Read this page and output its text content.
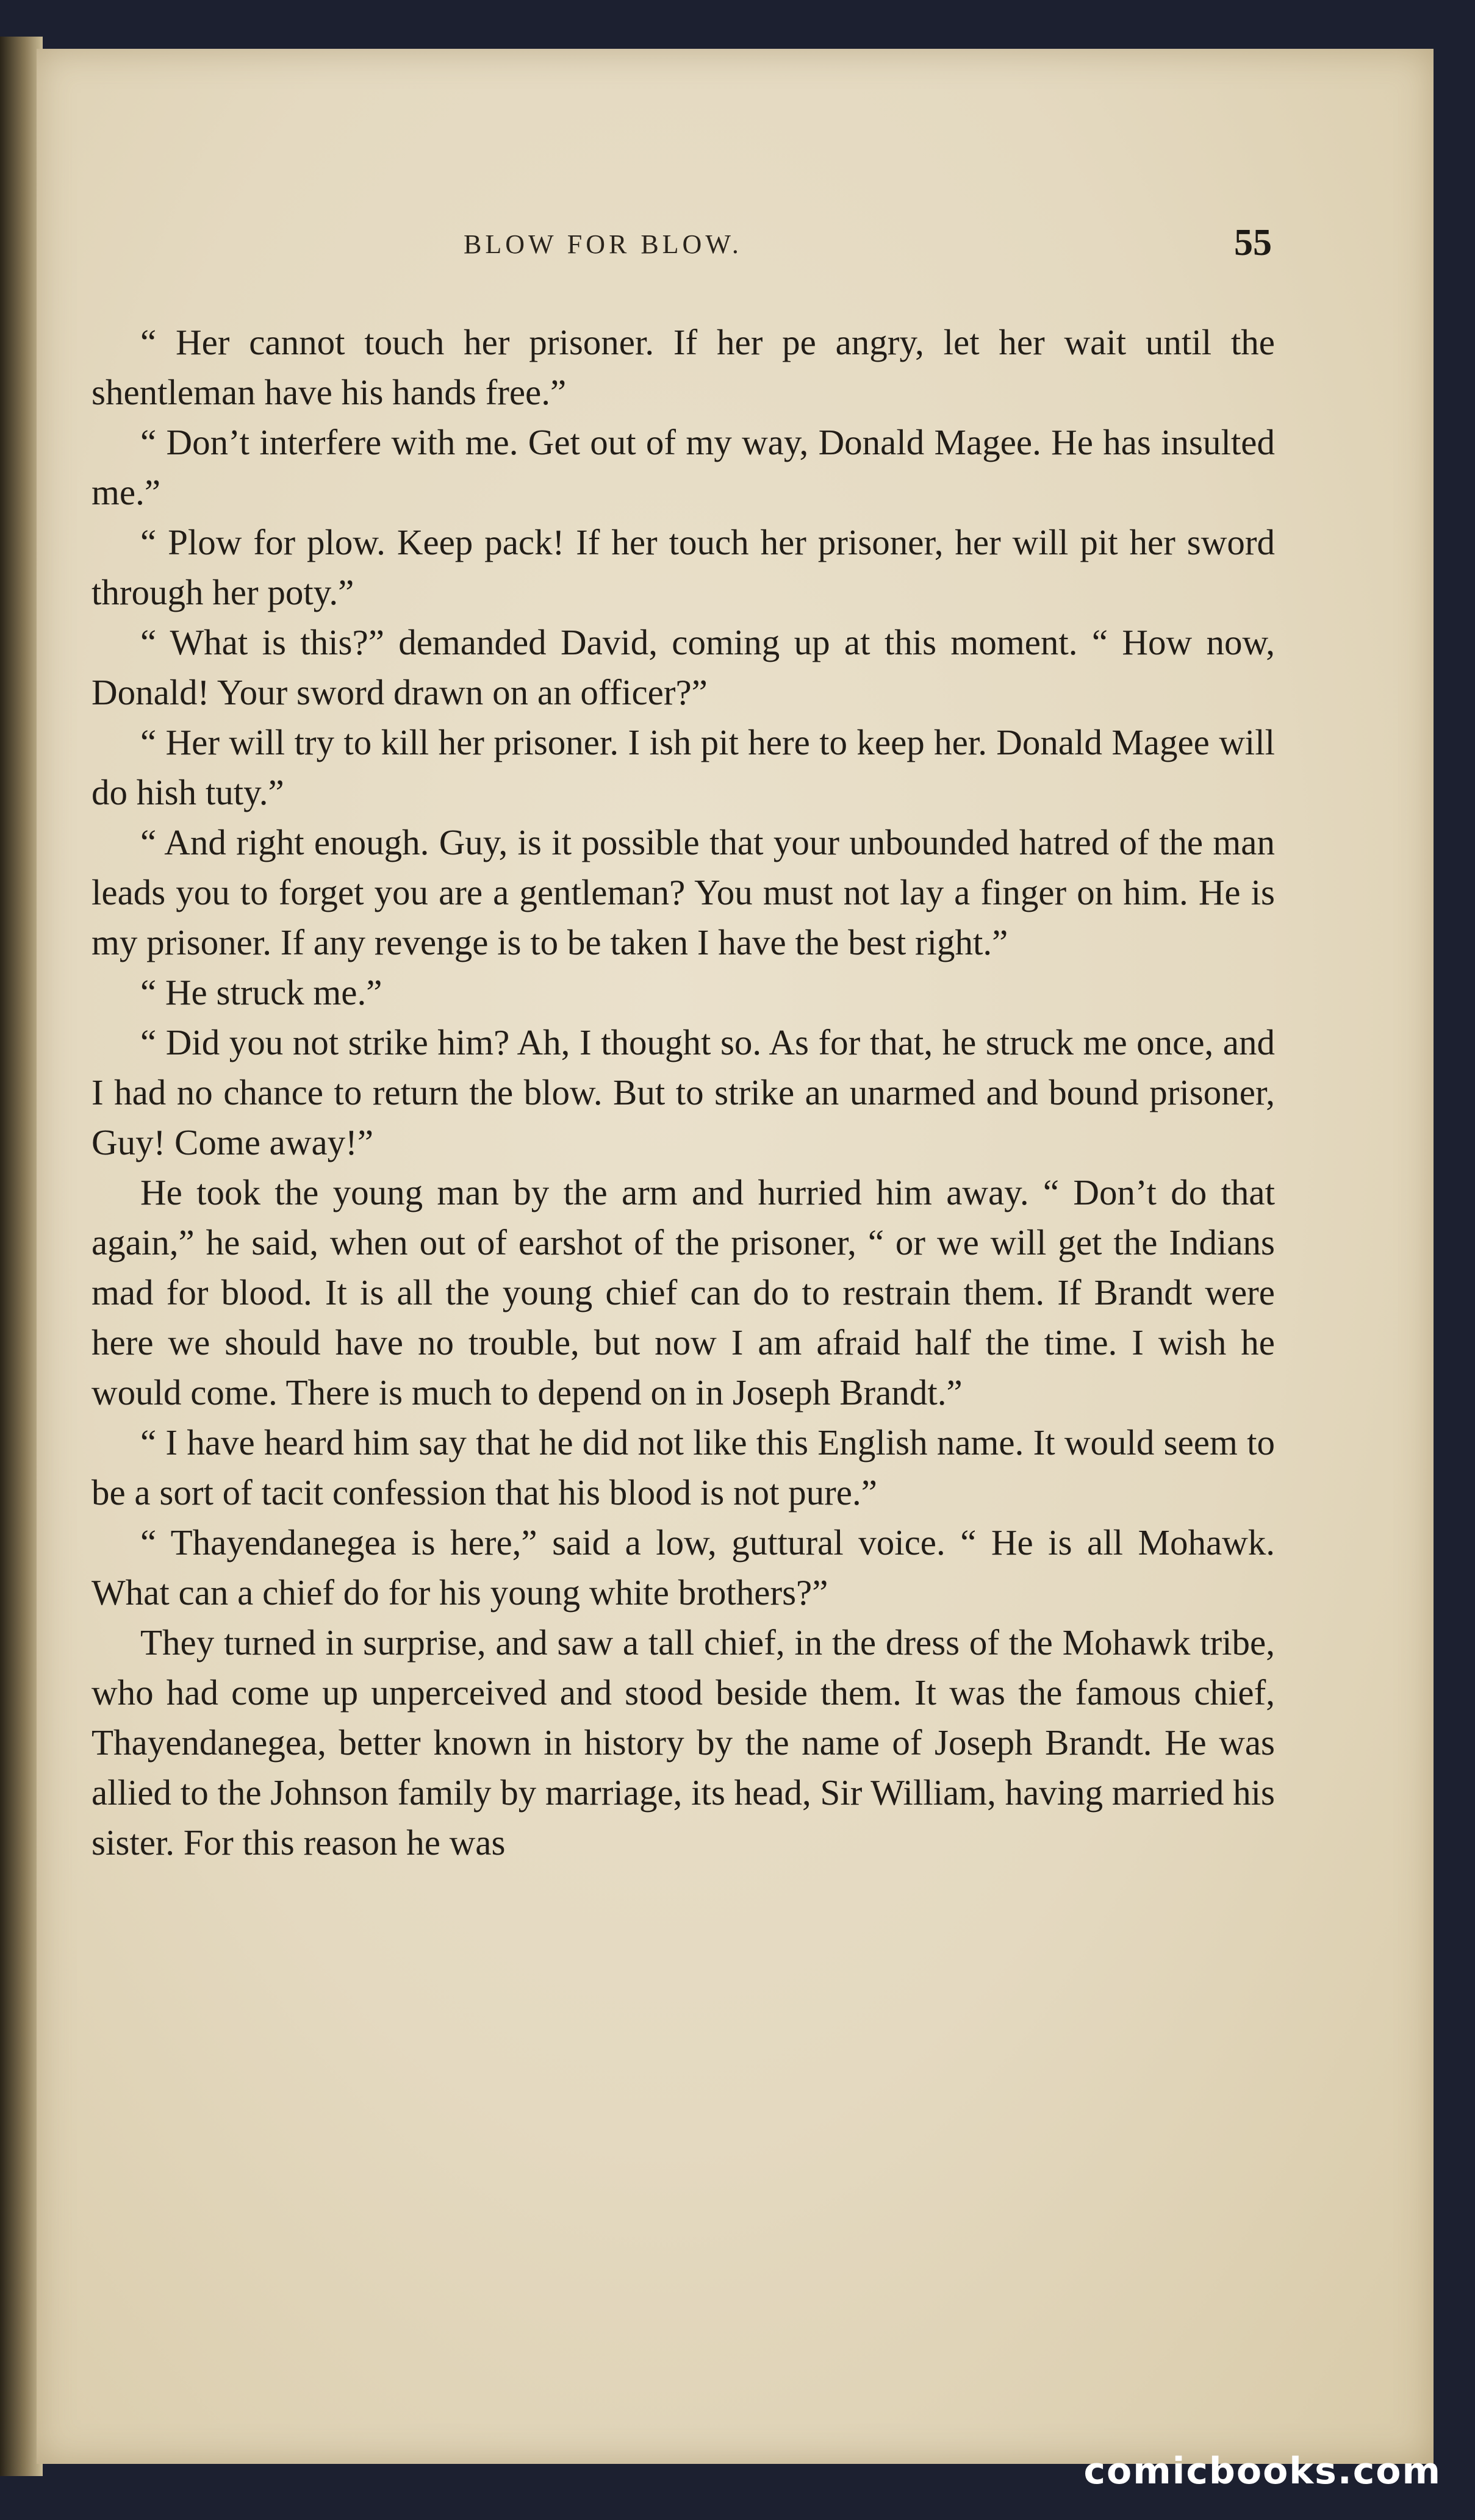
BLOW FOR BLOW.	55

“ Her cannot touch her prisoner. If her pe angry, let her wait until the shentleman have his hands free.”

“ Don’t interfere with me. Get out of my way, Donald Magee. He has insulted me.”

“ Plow for plow. Keep pack! If her touch her prisoner, her will pit her sword through her poty.”

“ What is this?” demanded David, coming up at this moment. “ How now, Donald! Your sword drawn on an officer?”

“ Her will try to kill her prisoner. I ish pit here to keep her. Donald Magee will do hish tuty.”

“ And right enough. Guy, is it possible that your unbounded hatred of the man leads you to forget you are a gentleman? You must not lay a finger on him. He is my prisoner. If any revenge is to be taken I have the best right.”

“ He struck me.”

“ Did you not strike him? Ah, I thought so. As for that, he struck me once, and I had no chance to return the blow. But to strike an unarmed and bound prisoner, Guy! Come away!”

He took the young man by the arm and hurried him away. “ Don’t do that again,” he said, when out of earshot of the prisoner, “ or we will get the Indians mad for blood. It is all the young chief can do to restrain them. If Brandt were here we should have no trouble, but now I am afraid half the time. I wish he would come. There is much to depend on in Joseph Brandt.”

“ I have heard him say that he did not like this English name. It would seem to be a sort of tacit confession that his blood is not pure.”

“ Thayendanegea is here,” said a low, guttural voice. “ He is all Mohawk. What can a chief do for his young white brothers?”

They turned in surprise, and saw a tall chief, in the dress of the Mohawk tribe, who had come up unperceived and stood beside them. It was the famous chief, Thayendanegea, better known in history by the name of Joseph Brandt. He was allied to the Johnson family by marriage, its head, Sir William, having married his sister. For this reason he was

comicbooks.com
